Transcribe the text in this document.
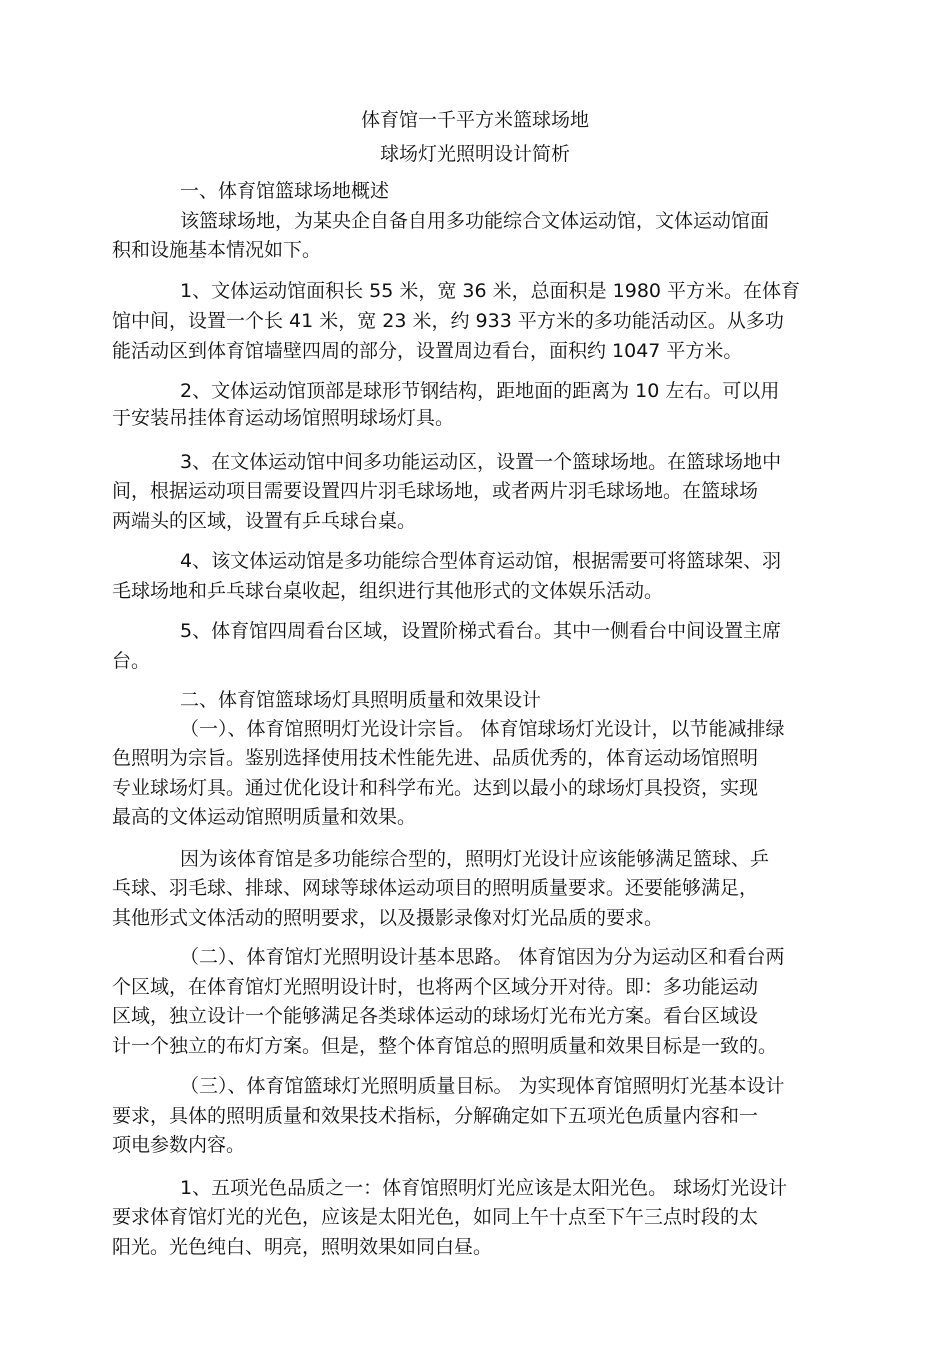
体育馆一千平方米篮球场地
球场灯光照明设计简析
一、体育馆篮球场地概述
该篮球场地，为某央企自备自用多功能综合文体运动馆，文体运动馆面
积和设施基本情况如下。
1、文体运动馆面积长 55 米，宽 36 米，总面积是 1980 平方米。在体育
馆中间，设置一个长 41 米，宽 23 米，约 933 平方米的多功能活动区。从多功
能活动区到体育馆墙壁四周的部分，设置周边看台，面积约 1047 平方米。
2、文体运动馆顶部是球形节钢结构，距地面的距离为 10 左右。可以用
于安装吊挂体育运动场馆照明球场灯具。
3、在文体运动馆中间多功能运动区，设置一个篮球场地。在篮球场地中
间，根据运动项目需要设置四片羽毛球场地，或者两片羽毛球场地。在篮球场
两端头的区域，设置有乒乓球台桌。
4、该文体运动馆是多功能综合型体育运动馆，根据需要可将篮球架、羽
毛球场地和乒乓球台桌收起，组织进行其他形式的文体娱乐活动。
5、体育馆四周看台区域，设置阶梯式看台。其中一侧看台中间设置主席
台。
二、体育馆篮球场灯具照明质量和效果设计
（一）、体育馆照明灯光设计宗旨。 体育馆球场灯光设计，以节能减排绿
色照明为宗旨。鉴别选择使用技术性能先进、品质优秀的，体育运动场馆照明
专业球场灯具。通过优化设计和科学布光。达到以最小的球场灯具投资，实现
最高的文体运动馆照明质量和效果。
因为该体育馆是多功能综合型的，照明灯光设计应该能够满足篮球、乒
乓球、羽毛球、排球、网球等球体运动项目的照明质量要求。还要能够满足，
其他形式文体活动的照明要求，以及摄影录像对灯光品质的要求。
（二）、体育馆灯光照明设计基本思路。 体育馆因为分为运动区和看台两
个区域，在体育馆灯光照明设计时，也将两个区域分开对待。即：多功能运动
区域，独立设计一个能够满足各类球体运动的球场灯光布光方案。看台区域设
计一个独立的布灯方案。但是，整个体育馆总的照明质量和效果目标是一致的。
（三）、体育馆篮球灯光照明质量目标。 为实现体育馆照明灯光基本设计
要求，具体的照明质量和效果技术指标，分解确定如下五项光色质量内容和一
项电参数内容。
1、五项光色品质之一：体育馆照明灯光应该是太阳光色。 球场灯光设计
要求体育馆灯光的光色，应该是太阳光色，如同上午十点至下午三点时段的太
阳光。光色纯白、明亮，照明效果如同白昼。
